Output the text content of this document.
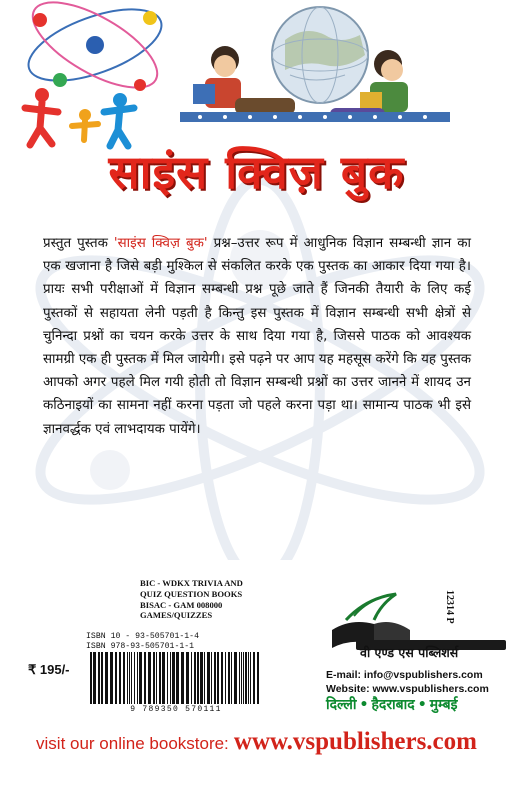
साइंस क्विज़ बुक
प्रस्तुत पुस्तक 'साइंस क्विज़ बुक' प्रश्न–उत्तर रूप में आधुनिक विज्ञान सम्बन्धी ज्ञान का एक खजाना है जिसे बड़ी मुश्किल से संकलित करके एक पुस्तक का आकार दिया गया है। प्रायः सभी परीक्षाओं में विज्ञान सम्बन्धी प्रश्न पूछे जाते हैं जिनकी तैयारी के लिए कई पुस्तकों से सहायता लेनी पड़ती है किन्तु इस पुस्तक में विज्ञान सम्बन्धी सभी क्षेत्रों से चुनिन्दा प्रश्नों का चयन करके उत्तर के साथ दिया गया है, जिससे पाठक को आवश्यक सामग्री एक ही पुस्तक में मिल जायेगी। इसे पढ़ने पर आप यह महसूस करेंगे कि यह पुस्तक आपको अगर पहले मिल गयी होती तो विज्ञान सम्बन्धी प्रश्नों का उत्तर जानने में शायद उन कठिनाइयों का सामना नहीं करना पड़ता जो पहले करना पड़ा था। सामान्य पाठक भी इसे ज्ञानवर्द्धक एवं लाभदायक पायेंगे।
BIC - WDKX TRIVIA AND
QUIZ QUESTION BOOKS
BISAC - GAM 008000
GAMES/QUIZZES
ISBN 10 - 93-505701-1-4
ISBN 978-93-505701-1-1
9 789350 570111
₹ 195/-
12314 P
वी एण्ड एस पब्लिशर्स
E-mail: info@vspublishers.com
Website: www.vspublishers.com
दिल्ली • हैदराबाद • मुम्बई
visit our online bookstore: www.vspublishers.com
